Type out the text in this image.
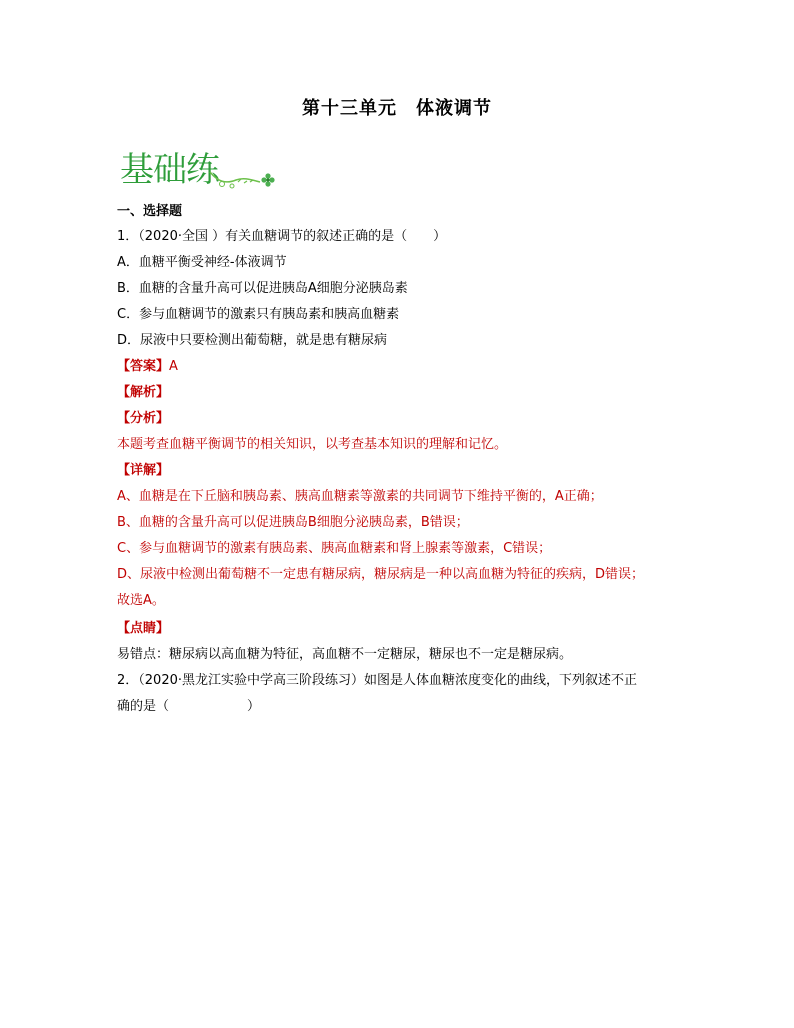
第十三单元　体液调节
基础练
一、选择题
1．（2020·全国 ）有关血糖调节的叙述正确的是（　　）
A．血糖平衡受神经-体液调节
B．血糖的含量升高可以促进胰岛A细胞分泌胰岛素
C．参与血糖调节的激素只有胰岛素和胰高血糖素
D．尿液中只要检测出葡萄糖，就是患有糖尿病
【答案】A
【解析】
【分析】
本题考查血糖平衡调节的相关知识，以考查基本知识的理解和记忆。
【详解】
A、血糖是在下丘脑和胰岛素、胰高血糖素等激素的共同调节下维持平衡的，A正确；
B、血糖的含量升高可以促进胰岛B细胞分泌胰岛素，B错误；
C、参与血糖调节的激素有胰岛素、胰高血糖素和肾上腺素等激素，C错误；
D、尿液中检测出葡萄糖不一定患有糖尿病，糖尿病是一种以高血糖为特征的疾病，D错误；
故选A。
【点睛】
易错点：糖尿病以高血糖为特征，高血糖不一定糖尿，糖尿也不一定是糖尿病。
2．（2020·黑龙江实验中学高三阶段练习）如图是人体血糖浓度变化的曲线，下列叙述不正
确的是（　　　　　　）
